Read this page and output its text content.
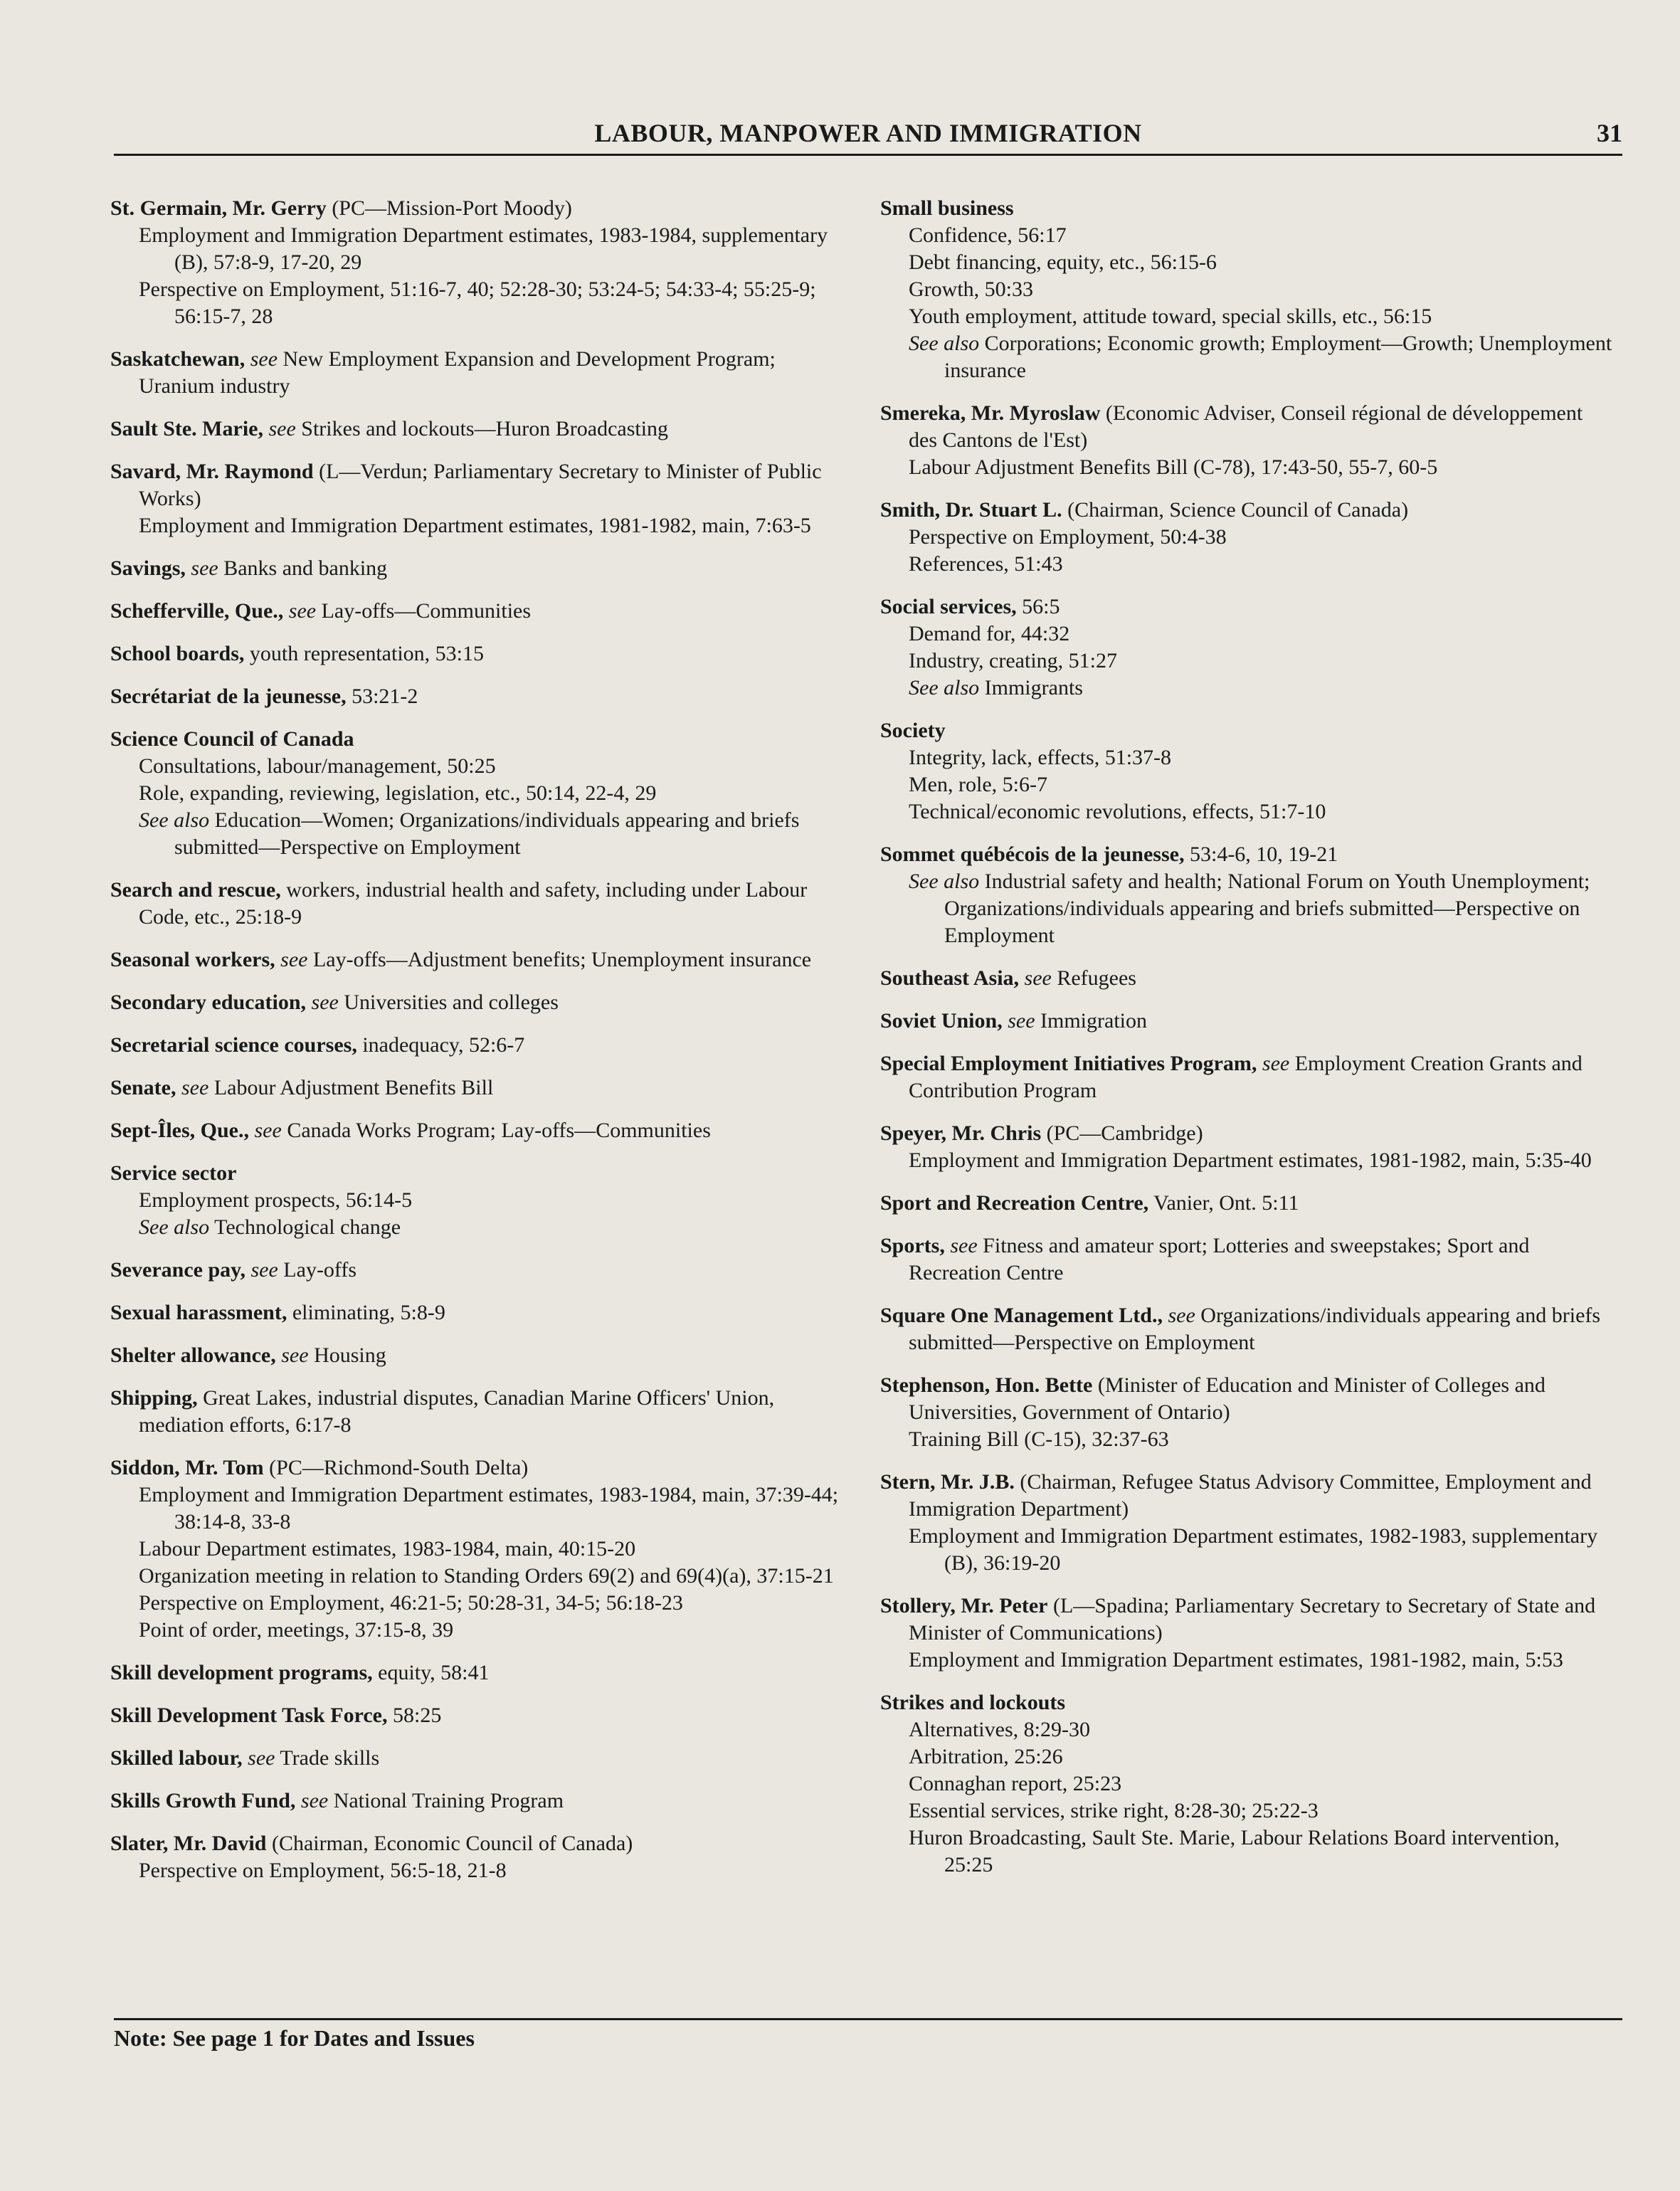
LABOUR, MANPOWER AND IMMIGRATION	31
St. Germain, Mr. Gerry (PC—Mission-Port Moody)
Employment and Immigration Department estimates, 1983-1984, supplementary (B), 57:8-9, 17-20, 29
Perspective on Employment, 51:16-7, 40; 52:28-30; 53:24-5; 54:33-4; 55:25-9; 56:15-7, 28
Saskatchewan, see New Employment Expansion and Development Program; Uranium industry
Sault Ste. Marie, see Strikes and lockouts—Huron Broadcasting
Savard, Mr. Raymond (L—Verdun; Parliamentary Secretary to Minister of Public Works)
Employment and Immigration Department estimates, 1981-1982, main, 7:63-5
Savings, see Banks and banking
Schefferville, Que., see Lay-offs—Communities
School boards, youth representation, 53:15
Secrétariat de la jeunesse, 53:21-2
Science Council of Canada
Consultations, labour/management, 50:25
Role, expanding, reviewing, legislation, etc., 50:14, 22-4, 29
See also Education—Women; Organizations/individuals appearing and briefs submitted—Perspective on Employment
Search and rescue, workers, industrial health and safety, including under Labour Code, etc., 25:18-9
Seasonal workers, see Lay-offs—Adjustment benefits; Unemployment insurance
Secondary education, see Universities and colleges
Secretarial science courses, inadequacy, 52:6-7
Senate, see Labour Adjustment Benefits Bill
Sept-Îles, Que., see Canada Works Program; Lay-offs—Communities
Service sector
Employment prospects, 56:14-5
See also Technological change
Severance pay, see Lay-offs
Sexual harassment, eliminating, 5:8-9
Shelter allowance, see Housing
Shipping, Great Lakes, industrial disputes, Canadian Marine Officers' Union, mediation efforts, 6:17-8
Siddon, Mr. Tom (PC—Richmond-South Delta)
Employment and Immigration Department estimates, 1983-1984, main, 37:39-44; 38:14-8, 33-8
Labour Department estimates, 1983-1984, main, 40:15-20
Organization meeting in relation to Standing Orders 69(2) and 69(4)(a), 37:15-21
Perspective on Employment, 46:21-5; 50:28-31, 34-5; 56:18-23
Point of order, meetings, 37:15-8, 39
Skill development programs, equity, 58:41
Skill Development Task Force, 58:25
Skilled labour, see Trade skills
Skills Growth Fund, see National Training Program
Slater, Mr. David (Chairman, Economic Council of Canada)
Perspective on Employment, 56:5-18, 21-8
Small business
Confidence, 56:17
Debt financing, equity, etc., 56:15-6
Growth, 50:33
Youth employment, attitude toward, special skills, etc., 56:15
See also Corporations; Economic growth; Employment—Growth; Unemployment insurance
Smereka, Mr. Myroslaw (Economic Adviser, Conseil régional de développement des Cantons de l'Est)
Labour Adjustment Benefits Bill (C-78), 17:43-50, 55-7, 60-5
Smith, Dr. Stuart L. (Chairman, Science Council of Canada)
Perspective on Employment, 50:4-38
References, 51:43
Social services, 56:5
Demand for, 44:32
Industry, creating, 51:27
See also Immigrants
Society
Integrity, lack, effects, 51:37-8
Men, role, 5:6-7
Technical/economic revolutions, effects, 51:7-10
Sommet québécois de la jeunesse, 53:4-6, 10, 19-21
See also Industrial safety and health; National Forum on Youth Unemployment; Organizations/individuals appearing and briefs submitted—Perspective on Employment
Southeast Asia, see Refugees
Soviet Union, see Immigration
Special Employment Initiatives Program, see Employment Creation Grants and Contribution Program
Speyer, Mr. Chris (PC—Cambridge)
Employment and Immigration Department estimates, 1981-1982, main, 5:35-40
Sport and Recreation Centre, Vanier, Ont. 5:11
Sports, see Fitness and amateur sport; Lotteries and sweepstakes; Sport and Recreation Centre
Square One Management Ltd., see Organizations/individuals appearing and briefs submitted—Perspective on Employment
Stephenson, Hon. Bette (Minister of Education and Minister of Colleges and Universities, Government of Ontario)
Training Bill (C-15), 32:37-63
Stern, Mr. J.B. (Chairman, Refugee Status Advisory Committee, Employment and Immigration Department)
Employment and Immigration Department estimates, 1982-1983, supplementary (B), 36:19-20
Stollery, Mr. Peter (L—Spadina; Parliamentary Secretary to Secretary of State and Minister of Communications)
Employment and Immigration Department estimates, 1981-1982, main, 5:53
Strikes and lockouts
Alternatives, 8:29-30
Arbitration, 25:26
Connaghan report, 25:23
Essential services, strike right, 8:28-30; 25:22-3
Huron Broadcasting, Sault Ste. Marie, Labour Relations Board intervention, 25:25
Note: See page 1 for Dates and Issues
